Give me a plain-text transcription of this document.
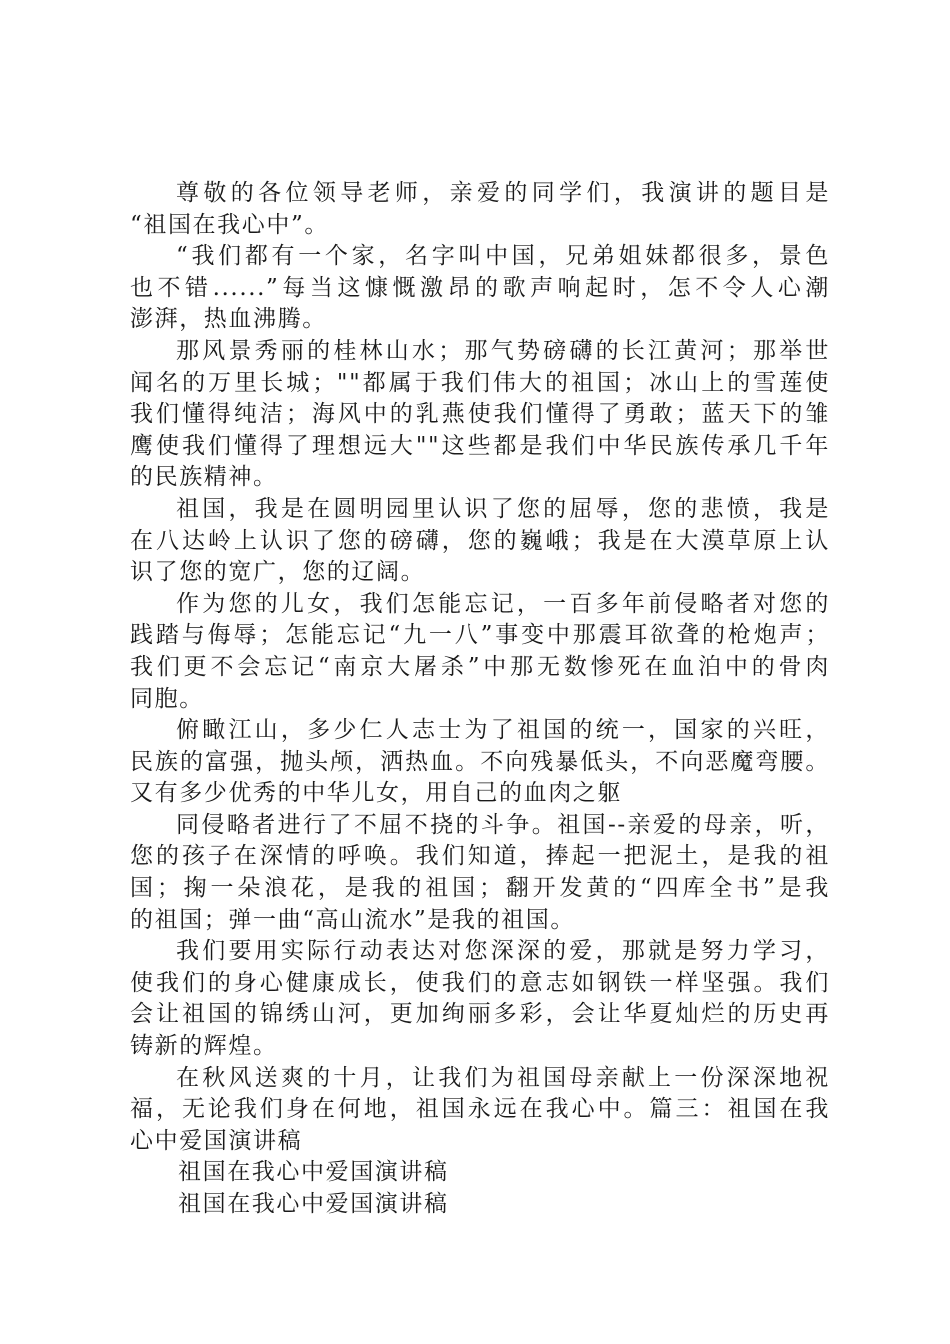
尊敬的各位领导老师，亲爱的同学们，我演讲的题目是
“祖国在我心中”。

“我们都有一个家，名字叫中国，兄弟姐妹都很多，景色
也不错......”每当这慷慨激昂的歌声响起时，怎不令人心潮
澎湃，热血沸腾。

那风景秀丽的桂林山水；那气势磅礴的长江黄河；那举世
闻名的万里长城；""都属于我们伟大的祖国；冰山上的雪莲使
我们懂得纯洁；海风中的乳燕使我们懂得了勇敢；蓝天下的雏
鹰使我们懂得了理想远大""这些都是我们中华民族传承几千年
的民族精神。

祖国，我是在圆明园里认识了您的屈辱，您的悲愤，我是
在八达岭上认识了您的磅礴，您的巍峨；我是在大漠草原上认
识了您的宽广，您的辽阔。

作为您的儿女，我们怎能忘记，一百多年前侵略者对您的
践踏与侮辱；怎能忘记“九一八”事变中那震耳欲聋的枪炮声；
我们更不会忘记“南京大屠杀”中那无数惨死在血泊中的骨肉
同胞。

俯瞰江山，多少仁人志士为了祖国的统一，国家的兴旺，
民族的富强，抛头颅，洒热血。不向残暴低头，不向恶魔弯腰。
又有多少优秀的中华儿女，用自己的血肉之躯

同侵略者进行了不屈不挠的斗争。祖国--亲爱的母亲，听，
您的孩子在深情的呼唤。我们知道，捧起一把泥土，是我的祖
国；掬一朵浪花，是我的祖国；翻开发黄的“四库全书”是我
的祖国；弹一曲“高山流水”是我的祖国。

我们要用实际行动表达对您深深的爱，那就是努力学习，
使我们的身心健康成长，使我们的意志如钢铁一样坚强。我们
会让祖国的锦绣山河，更加绚丽多彩，会让华夏灿烂的历史再
铸新的辉煌。

在秋风送爽的十月，让我们为祖国母亲献上一份深深地祝
福，无论我们身在何地，祖国永远在我心中。篇三：祖国在我
心中爱国演讲稿

祖国在我心中爱国演讲稿

祖国在我心中爱国演讲稿
